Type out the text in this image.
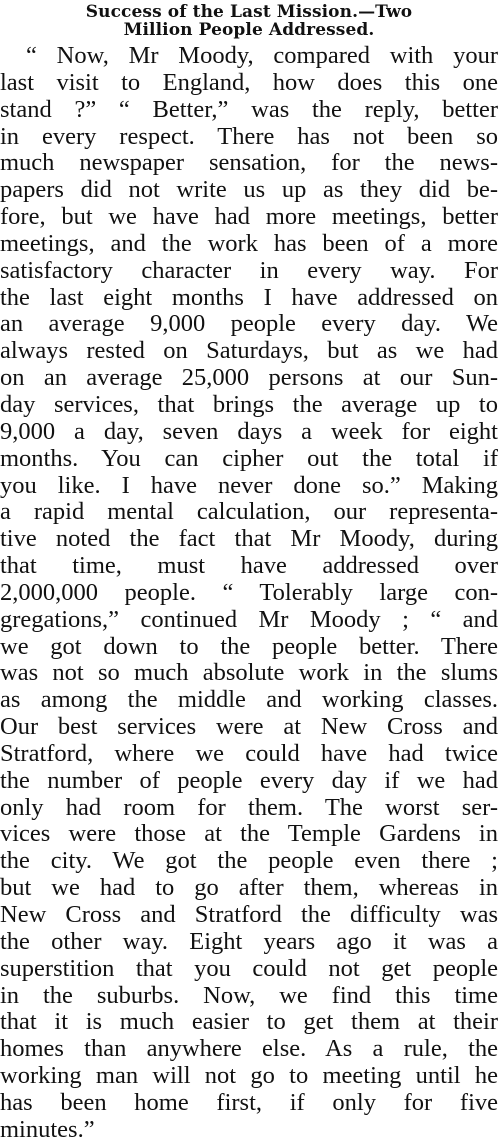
Success of the Last Mission.—Two
Million People Addressed.
“ Now, Mr Moody, compared with your
last visit to England, how does this one
stand ?” “ Better,” was the reply, better
in every respect. There has not been so
much newspaper sensation, for the news-
papers did not write us up as they did be-
fore, but we have had more meetings, better
meetings, and the work has been of a more
satisfactory character in every way. For
the last eight months I have addressed on
an average 9,000 people every day. We
always rested on Saturdays, but as we had
on an average 25,000 persons at our Sun-
day services, that brings the average up to
9,000 a day, seven days a week for eight
months. You can cipher out the total if
you like. I have never done so.” Making
a rapid mental calculation, our representa-
tive noted the fact that Mr Moody, during
that time, must have addressed over
2,000,000 people. “ Tolerably large con-
gregations,” continued Mr Moody ; “ and
we got down to the people better. There
was not so much absolute work in the slums
as among the middle and working classes.
Our best services were at New Cross and
Stratford, where we could have had twice
the number of people every day if we had
only had room for them. The worst ser-
vices were those at the Temple Gardens in
the city. We got the people even there ;
but we had to go after them, whereas in
New Cross and Stratford the difficulty was
the other way. Eight years ago it was a
superstition that you could not get people
in the suburbs. Now, we find this time
that it is much easier to get them at their
homes than anywhere else. As a rule, the
working man will not go to meeting until he
has been home first, if only for five
minutes.”
